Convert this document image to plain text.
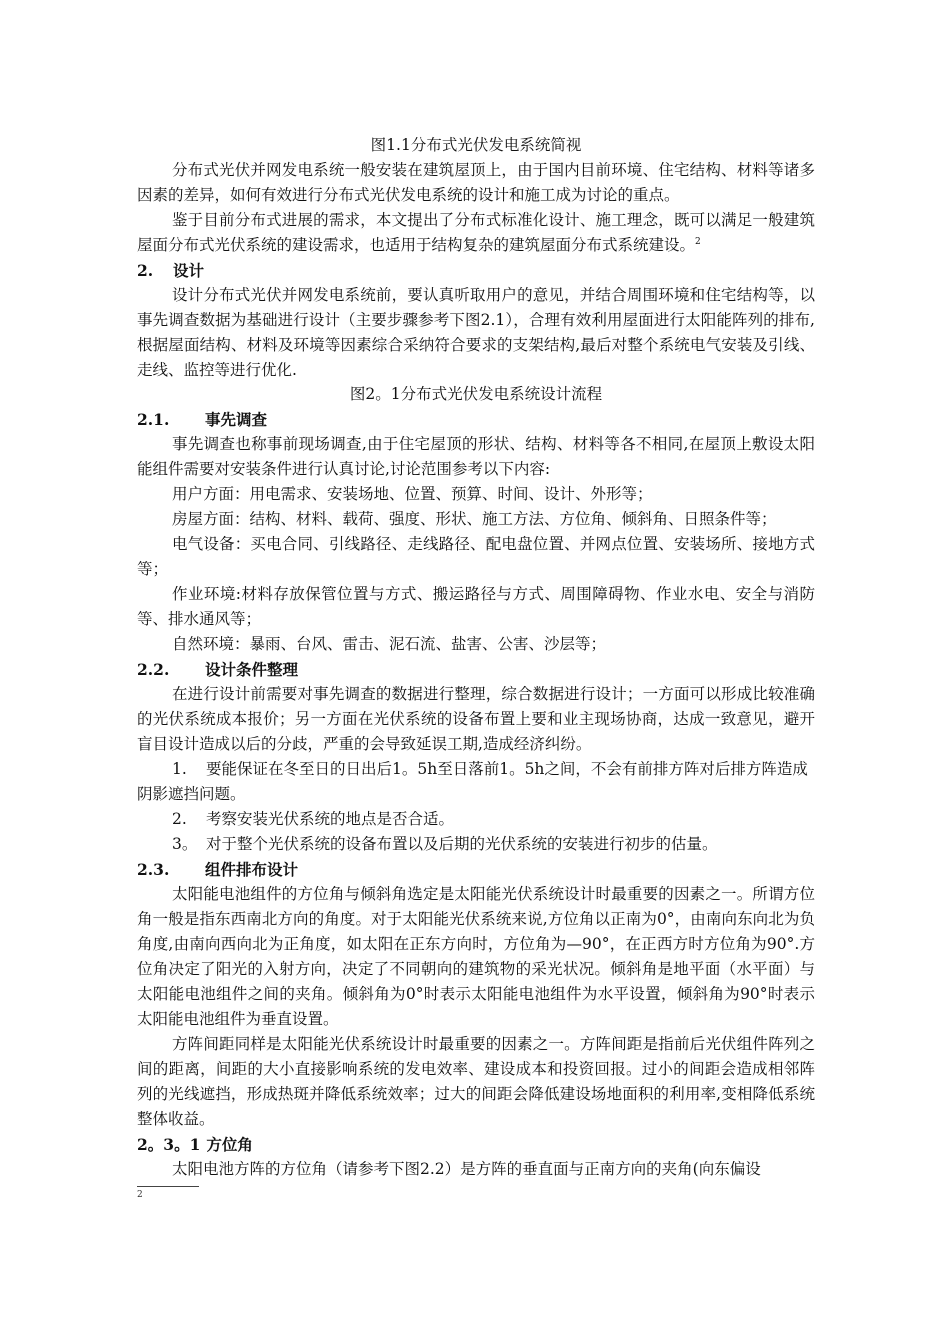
图1.1分布式光伏发电系统简视

分布式光伏并网发电系统一般安装在建筑屋顶上，由于国内目前环境、住宅结构、材料等诸多因素的差异，如何有效进行分布式光伏发电系统的设计和施工成为讨论的重点。

鉴于目前分布式进展的需求，本文提出了分布式标准化设计、施工理念，既可以满足一般建筑屋面分布式光伏系统的建设需求，也适用于结构复杂的建筑屋面分布式系统建设。$^2$

2.	设计

设计分布式光伏并网发电系统前，要认真听取用户的意见，并结合周围环境和住宅结构等，以事先调查数据为基础进行设计（主要步骤参考下图2.1），合理有效利用屋面进行太阳能阵列的排布,根据屋面结构、材料及环境等因素综合采纳符合要求的支架结构,最后对整个系统电气安装及引线、走线、监控等进行优化.

图2。1分布式光伏发电系统设计流程
2.1.	事先调查

事先调查也称事前现场调查,由于住宅屋顶的形状、结构、材料等各不相同,在屋顶上敷设太阳能组件需要对安装条件进行认真讨论,讨论范围参考以下内容:

用户方面：用电需求、安装场地、位置、预算、时间、设计、外形等；

房屋方面：结构、材料、载荷、强度、形状、施工方法、方位角、倾斜角、日照条件等；

电气设备：买电合同、引线路径、走线路径、配电盘位置、并网点位置、安装场所、接地方式等；

作业环境:材料存放保管位置与方式、搬运路径与方式、周围障碍物、作业水电、安全与消防等、排水通风等；

自然环境：暴雨、台风、雷击、泥石流、盐害、公害、沙层等；

2.2.	设计条件整理

在进行设计前需要对事先调查的数据进行整理，综合数据进行设计；一方面可以形成比较准确的光伏系统成本报价；另一方面在光伏系统的设备布置上要和业主现场协商，达成一致意见，避开盲目设计造成以后的分歧，严重的会导致延误工期,造成经济纠纷。

1. 要能保证在冬至日的日出后1。5h至日落前1。5h之间，不会有前排方阵对后排方阵造成阴影遮挡问题。

2. 考察安装光伏系统的地点是否合适。

3。 对于整个光伏系统的设备布置以及后期的光伏系统的安装进行初步的估量。

2.3.	组件排布设计

太阳能电池组件的方位角与倾斜角选定是太阳能光伏系统设计时最重要的因素之一。所谓方位角一般是指东西南北方向的角度。对于太阳能光伏系统来说,方位角以正南为0°，由南向东向北为负角度,由南向西向北为正角度，如太阳在正东方向时，方位角为—90°，在正西方时方位角为90°.方位角决定了阳光的入射方向，决定了不同朝向的建筑物的采光状况。倾斜角是地平面（水平面）与太阳能电池组件之间的夹角。倾斜角为0°时表示太阳能电池组件为水平设置，倾斜角为90°时表示太阳能电池组件为垂直设置。

方阵间距同样是太阳能光伏系统设计时最重要的因素之一。方阵间距是指前后光伏组件阵列之间的距离，间距的大小直接影响系统的发电效率、建设成本和投资回报。过小的间距会造成相邻阵列的光线遮挡，形成热斑并降低系统效率；过大的间距会降低建设场地面积的利用率,变相降低系统整体收益。

2。3。1 方位角

太阳电池方阵的方位角（请参考下图2.2）是方阵的垂直面与正南方向的夹角(向东偏设

2
